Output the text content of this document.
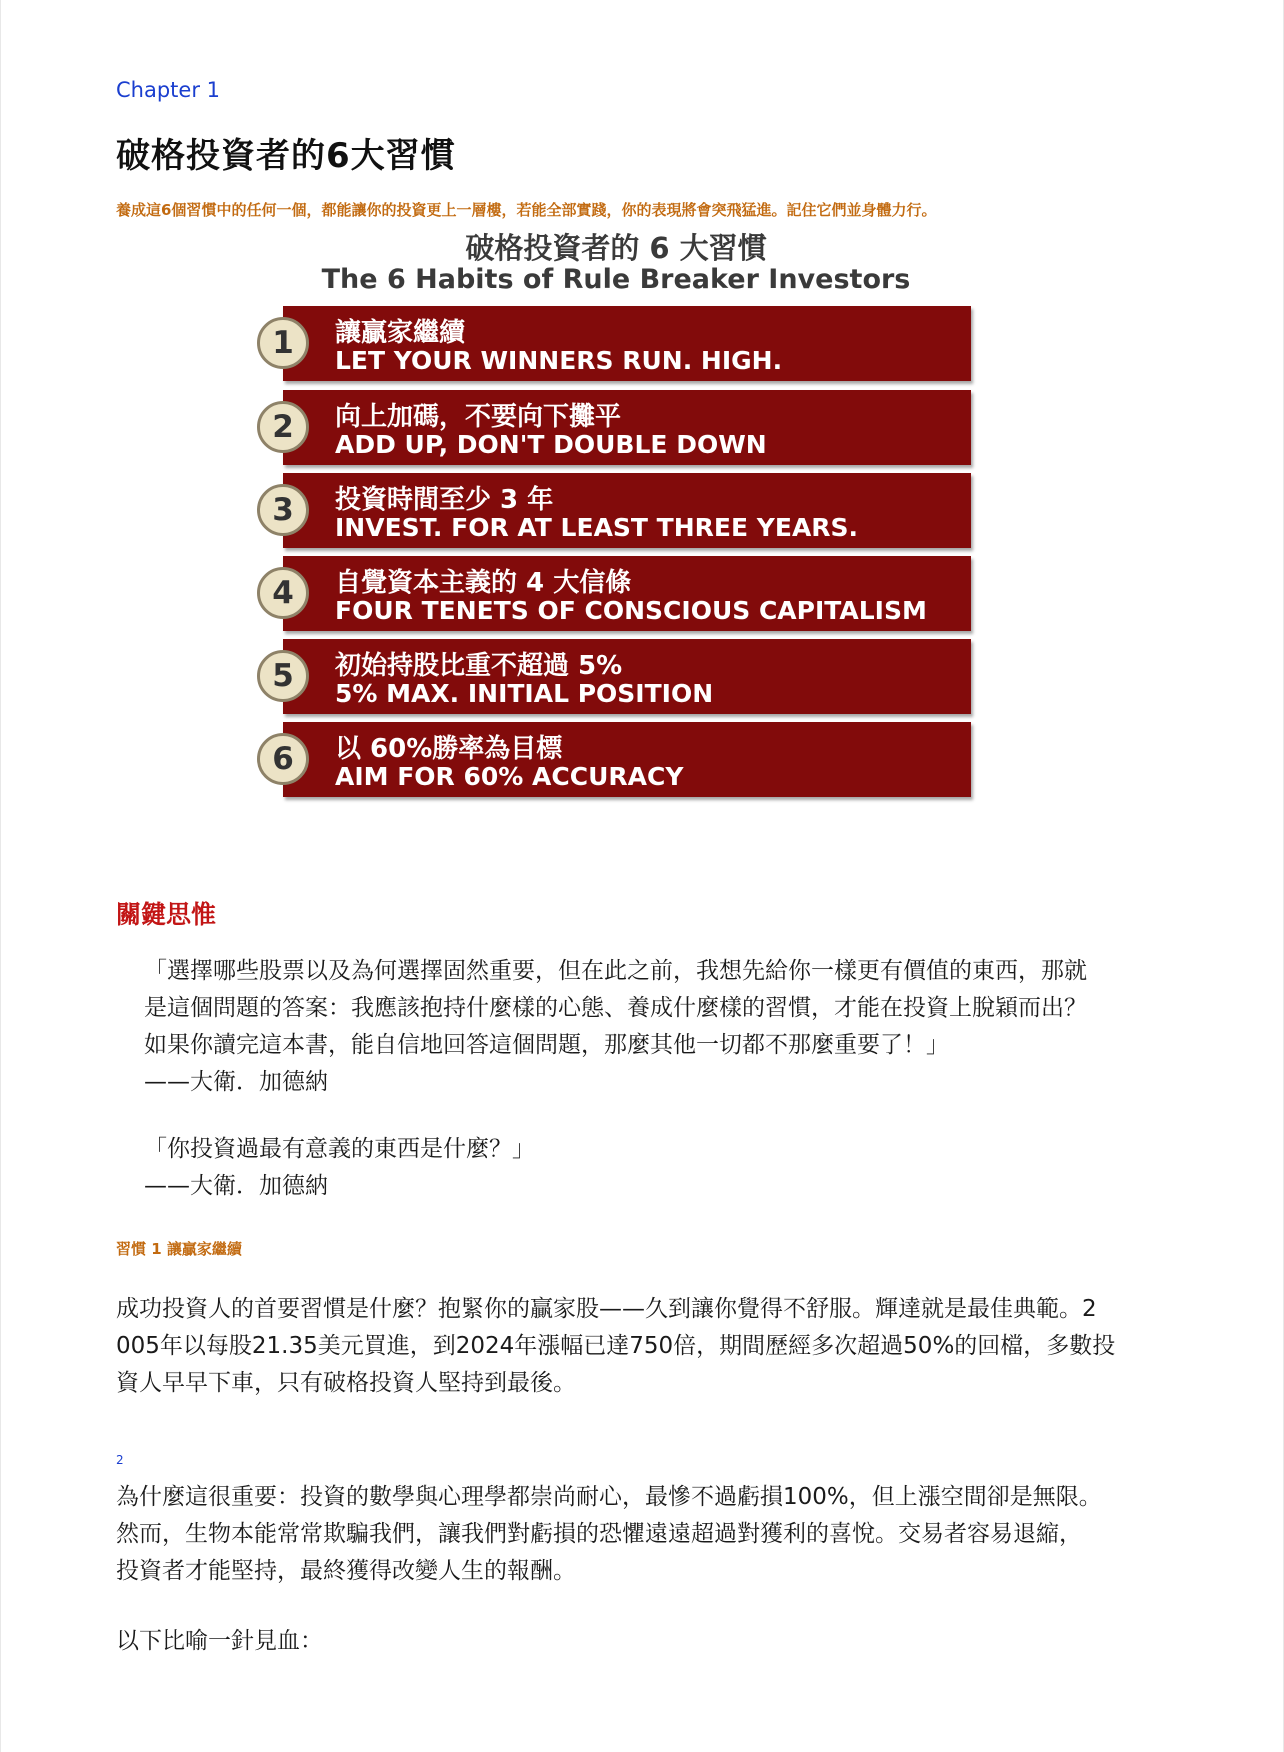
Chapter 1
破格投資者的6大習慣
養成這6個習慣中的任何一個，都能讓你的投資更上一層樓，若能全部實踐，你的表現將會突飛猛進。記住它們並身體力行。
破格投資者的 6 大習慣
The 6 Habits of Rule Breaker Investors
1	讓贏家繼續
LET YOUR WINNERS RUN. HIGH.
2	向上加碼，不要向下攤平
ADD UP, DON'T DOUBLE DOWN
3	投資時間至少 3 年
INVEST. FOR AT LEAST THREE YEARS.
4	自覺資本主義的 4 大信條
FOUR TENETS OF CONSCIOUS CAPITALISM
5	初始持股比重不超過 5%
5% MAX. INITIAL POSITION
6	以 60%勝率為目標
AIM FOR 60% ACCURACY
關鍵思惟

「選擇哪些股票以及為何選擇固然重要，但在此之前，我想先給你一樣更有價值的東西，那就

是這個問題的答案：我應該抱持什麼樣的心態、養成什麼樣的習慣，才能在投資上脫穎而出？

如果你讀完這本書，能自信地回答這個問題，那麼其他一切都不那麼重要了！」

——大衛．加德納

「你投資過最有意義的東西是什麼？」

——大衛．加德納

習慣 1 讓贏家繼續

成功投資人的首要習慣是什麼？抱緊你的贏家股——久到讓你覺得不舒服。輝達就是最佳典範。2

005年以每股21.35美元買進，到2024年漲幅已達750倍，期間歷經多次超過50%的回檔，多數投

資人早早下車，只有破格投資人堅持到最後。

2

為什麼這很重要：投資的數學與心理學都崇尚耐心，最慘不過虧損100%，但上漲空間卻是無限。

然而，生物本能常常欺騙我們，讓我們對虧損的恐懼遠遠超過對獲利的喜悅。交易者容易退縮，

投資者才能堅持，最終獲得改變人生的報酬。

以下比喻一針見血：
